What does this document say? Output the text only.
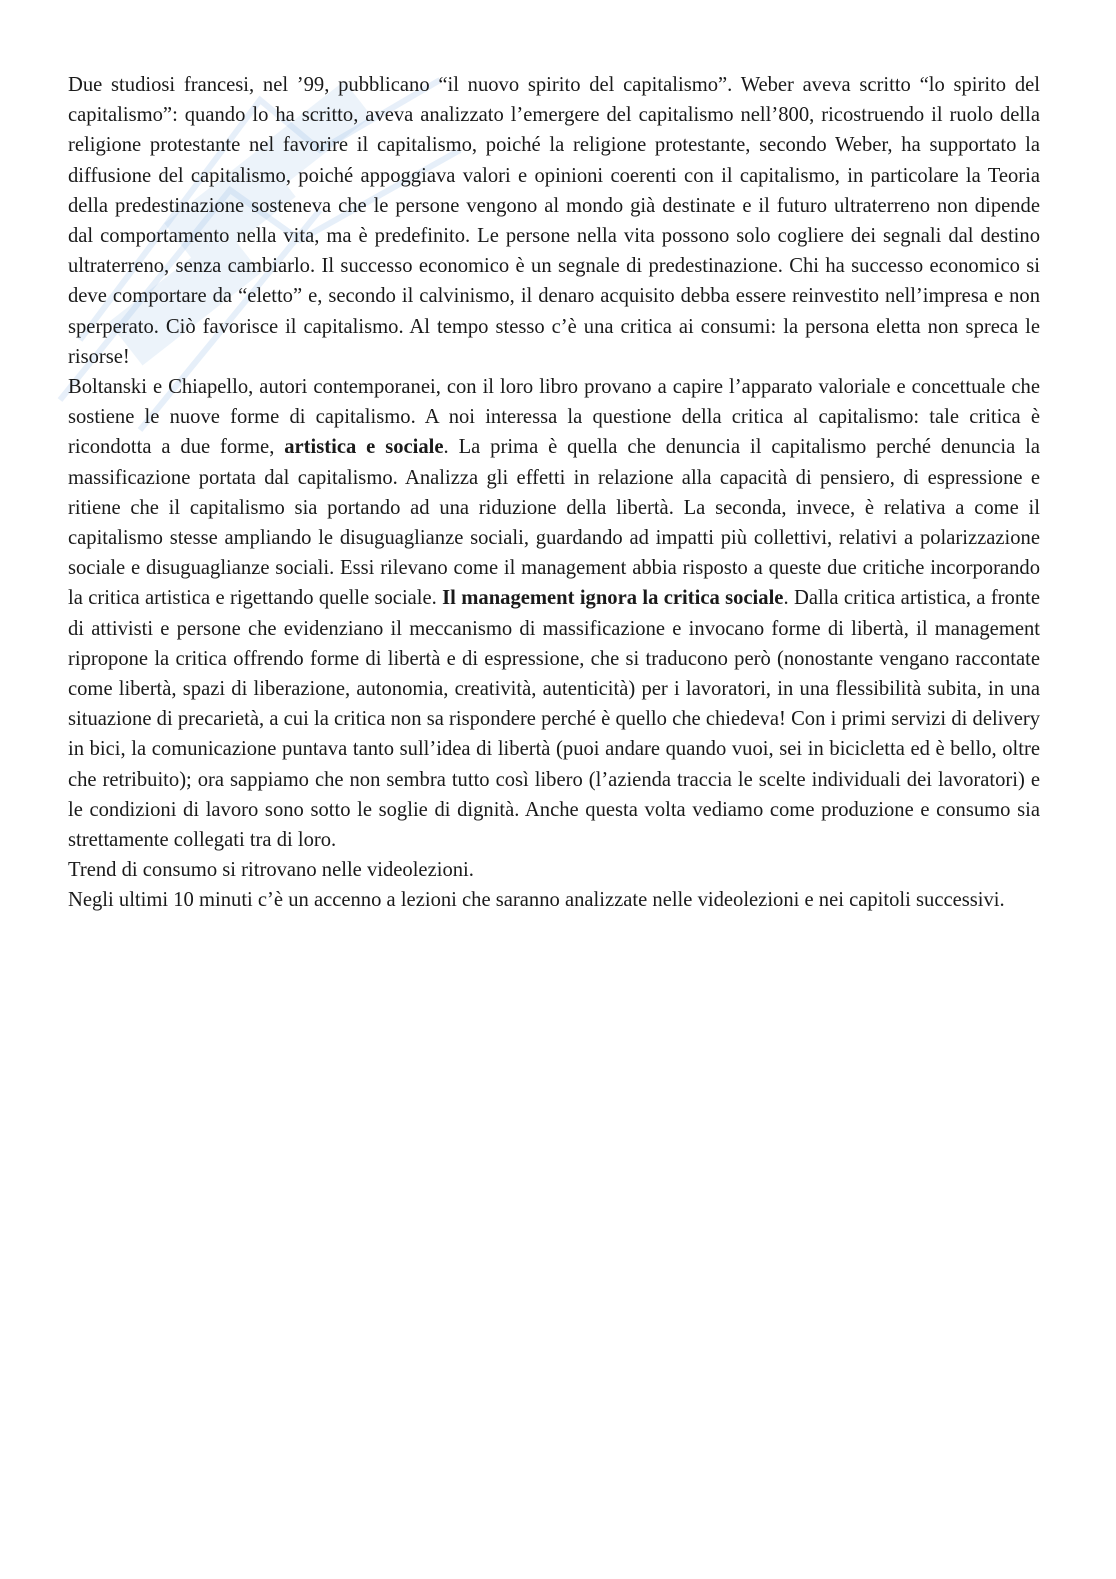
Due studiosi francesi, nel ’99, pubblicano “il nuovo spirito del capitalismo”. Weber aveva scritto “lo spirito del capitalismo”: quando lo ha scritto, aveva analizzato l’emergere del capitalismo nell’800, ricostruendo il ruolo della religione protestante nel favorire il capitalismo, poiché la religione protestante, secondo Weber, ha supportato la diffusione del capitalismo, poiché appoggiava valori e opinioni coerenti con il capitalismo, in particolare la Teoria della predestinazione sosteneva che le persone vengono al mondo già destinate e il futuro ultraterreno non dipende dal comportamento nella vita, ma è predefinito. Le persone nella vita possono solo cogliere dei segnali dal destino ultraterreno, senza cambiarlo. Il successo economico è un segnale di predestinazione. Chi ha successo economico si deve comportare da “eletto” e, secondo il calvinismo, il denaro acquisito debba essere reinvestito nell’impresa e non sperperato. Ciò favorisce il capitalismo. Al tempo stesso c’è una critica ai consumi: la persona eletta non spreca le risorse!

Boltanski e Chiapello, autori contemporanei, con il loro libro provano a capire l’apparato valoriale e concettuale che sostiene le nuove forme di capitalismo. A noi interessa la questione della critica al capitalismo: tale critica è ricondotta a due forme, artistica e sociale. La prima è quella che denuncia il capitalismo perché denuncia la massificazione portata dal capitalismo. Analizza gli effetti in relazione alla capacità di pensiero, di espressione e ritiene che il capitalismo sia portando ad una riduzione della libertà. La seconda, invece, è relativa a come il capitalismo stesse ampliando le disuguaglianze sociali, guardando ad impatti più collettivi, relativi a polarizzazione sociale e disuguaglianze sociali. Essi rilevano come il management abbia risposto a queste due critiche incorporando la critica artistica e rigettando quelle sociale. Il management ignora la critica sociale. Dalla critica artistica, a fronte di attivisti e persone che evidenziano il meccanismo di massificazione e invocano forme di libertà, il management ripropone la critica offrendo forme di libertà e di espressione, che si traducono però (nonostante vengano raccontate come libertà, spazi di liberazione, autonomia, creatività, autenticità) per i lavoratori, in una flessibilità subita, in una situazione di precarietà, a cui la critica non sa rispondere perché è quello che chiedeva! Con i primi servizi di delivery in bici, la comunicazione puntava tanto sull’idea di libertà (puoi andare quando vuoi, sei in bicicletta ed è bello, oltre che retribuito); ora sappiamo che non sembra tutto così libero (l’azienda traccia le scelte individuali dei lavoratori) e le condizioni di lavoro sono sotto le soglie di dignità. Anche questa volta vediamo come produzione e consumo sia strettamente collegati tra di loro.

Trend di consumo si ritrovano nelle videolezioni.

Negli ultimi 10 minuti c’è un accenno a lezioni che saranno analizzate nelle videolezioni e nei capitoli successivi.
